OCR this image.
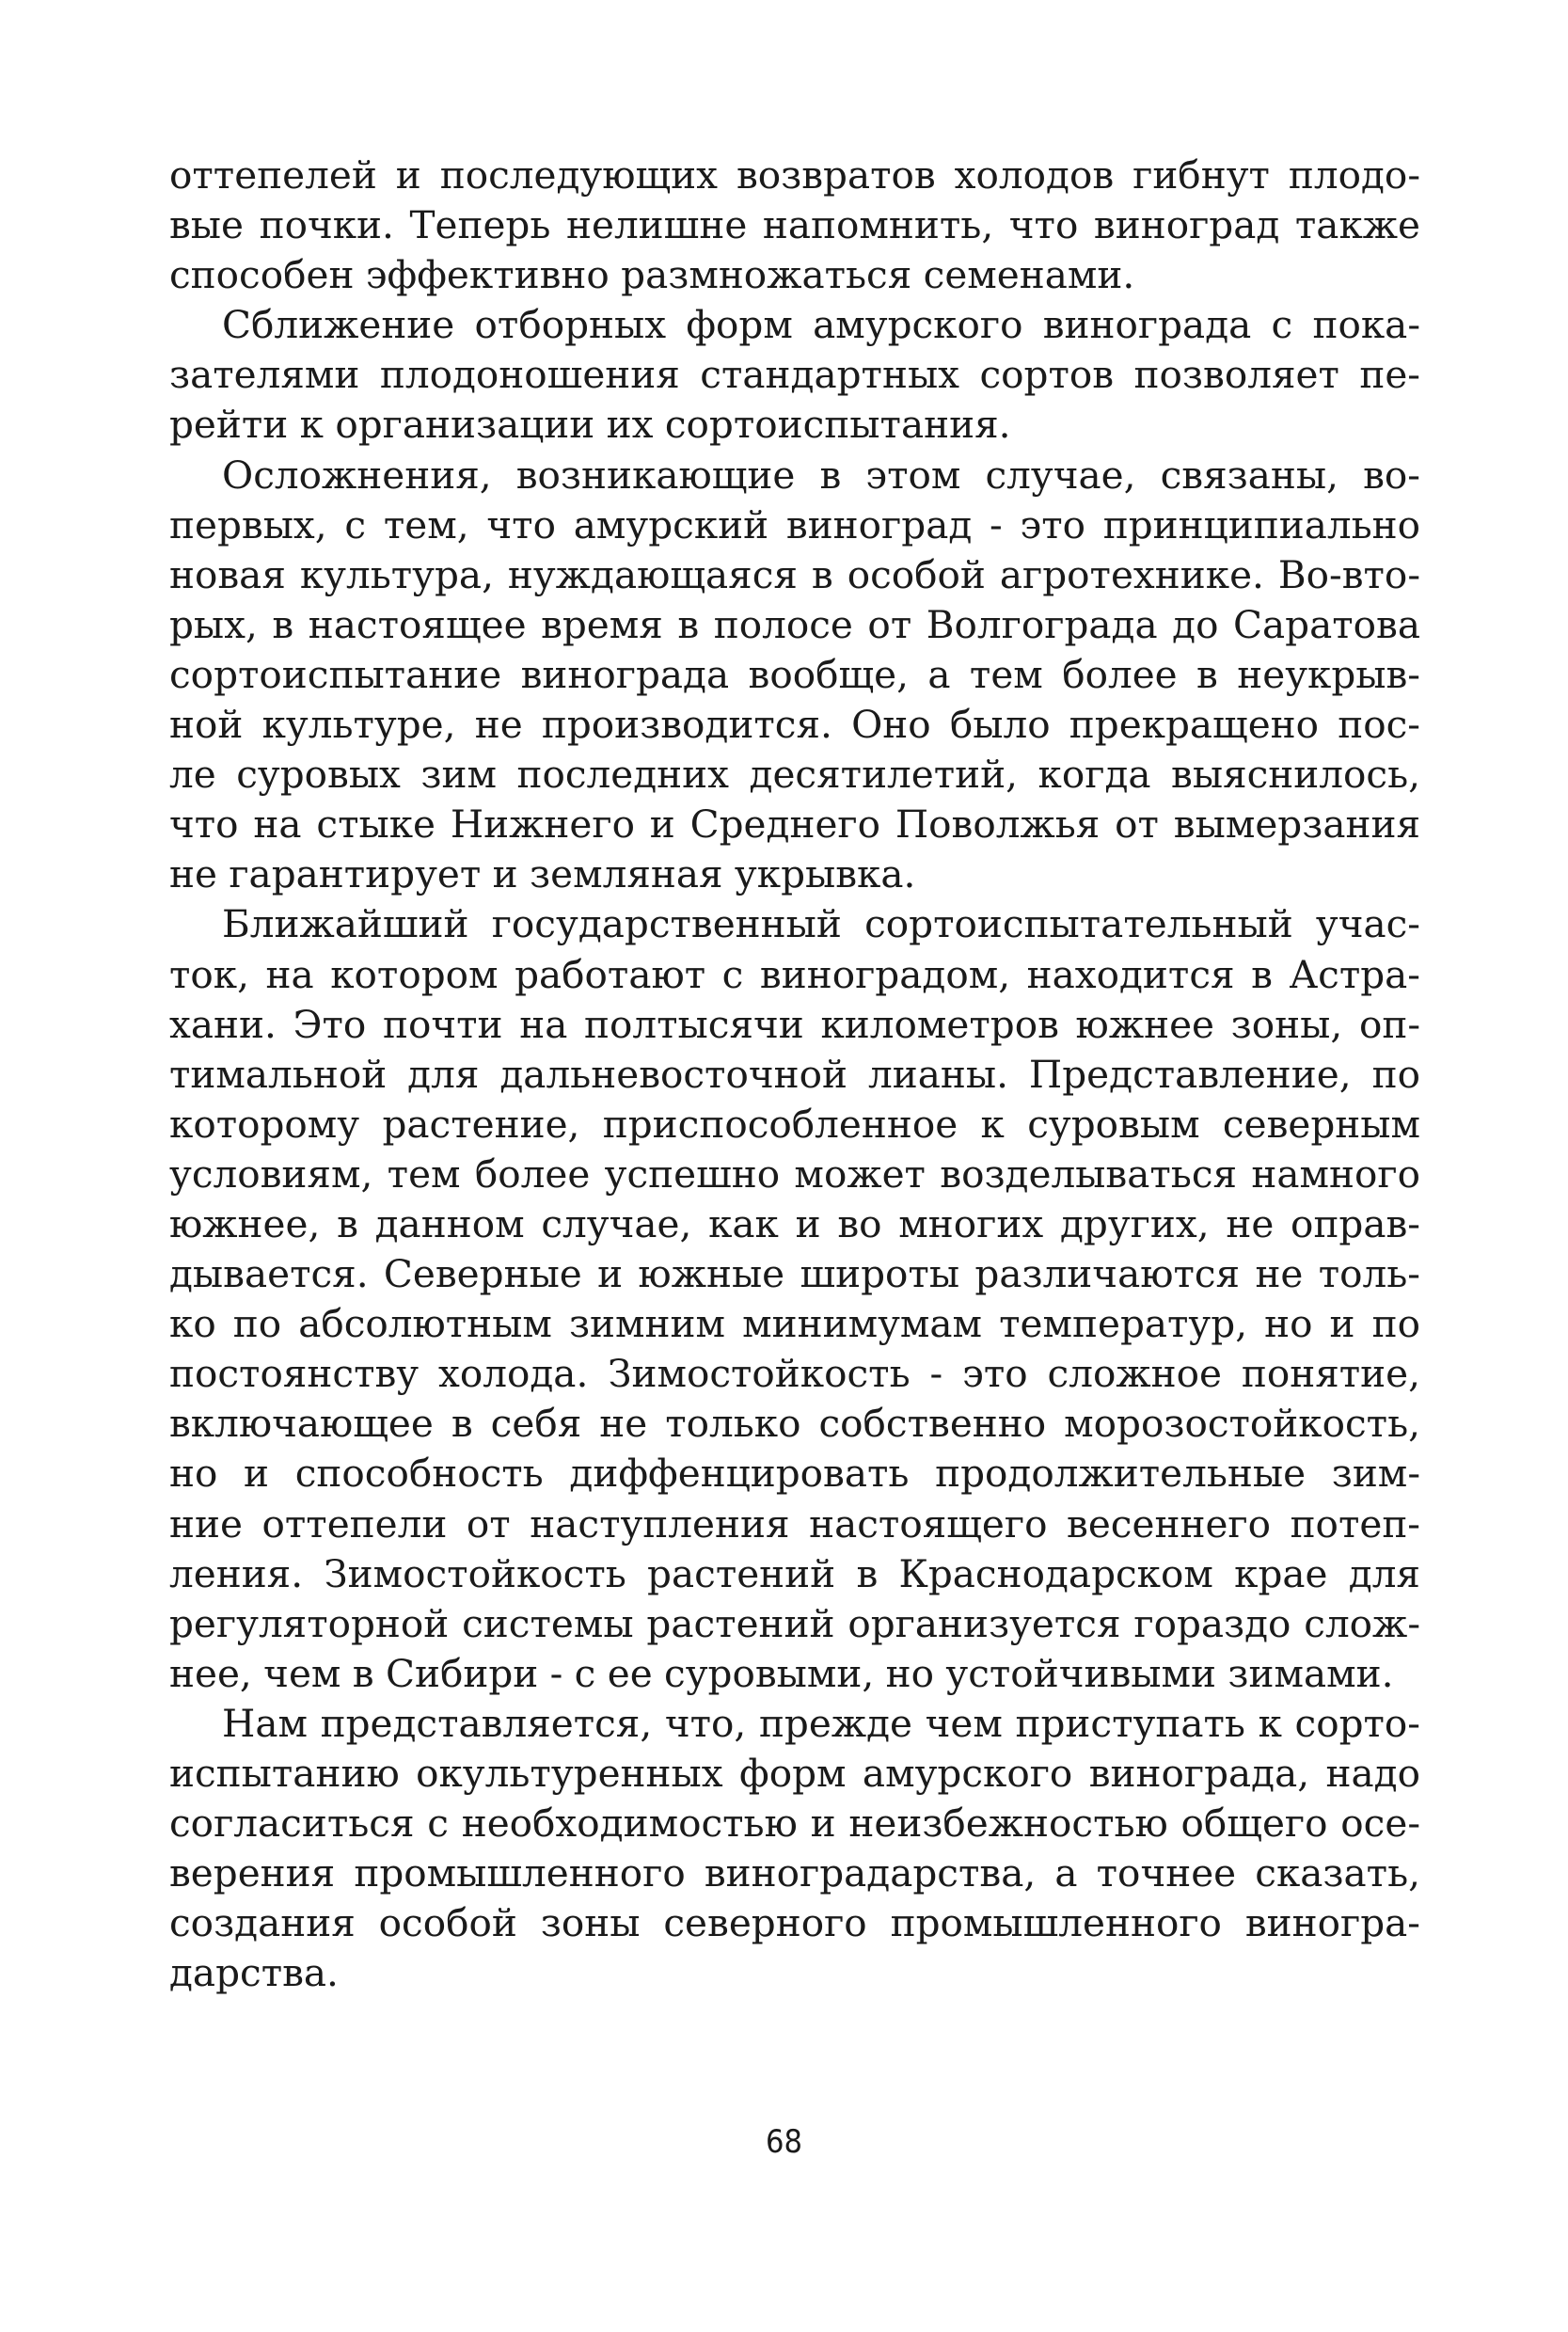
оттепелей и последующих возвратов холодов гибнут плодо-
вые почки. Теперь нелишне напомнить, что виноград также
способен эффективно размножаться семенами.
Сближение отборных форм амурского винограда с пока-
зателями плодоношения стандартных сортов позволяет пе-
рейти к организации их сортоиспытания.
Осложнения, возникающие в этом случае, связаны, во-
первых, с тем, что амурский виноград - это принципиально
новая культура, нуждающаяся в особой агротехнике. Во-вто-
рых, в настоящее время в полосе от Волгограда до Саратова
сортоиспытание винограда вообще, а тем более в неукрыв-
ной культуре, не производится. Оно было прекращено пос-
ле суровых зим последних десятилетий, когда выяснилось,
что на стыке Нижнего и Среднего Поволжья от вымерзания
не гарантирует и земляная укрывка.
Ближайший государственный сортоиспытательный учас-
ток, на котором работают с виноградом, находится в Астра-
хани. Это почти на полтысячи километров южнее зоны, оп-
тимальной для дальневосточной лианы. Представление, по
которому растение, приспособленное к суровым северным
условиям, тем более успешно может возделываться намного
южнее, в данном случае, как и во многих других, не оправ-
дывается. Северные и южные широты различаются не толь-
ко по абсолютным зимним минимумам температур, но и по
постоянству холода. Зимостойкость - это сложное понятие,
включающее в себя не только собственно морозостойкость,
но и способность диффенцировать продолжительные зим-
ние оттепели от наступления настоящего весеннего потеп-
ления. Зимостойкость растений в Краснодарском крае для
регуляторной системы растений организуется гораздо слож-
нее, чем в Сибири - с ее суровыми, но устойчивыми зимами.
Нам представляется, что, прежде чем приступать к сорто-
испытанию окультуренных форм амурского винограда, надо
согласиться с необходимостью и неизбежностью общего осе-
верения промышленного виноградарства, а точнее сказать,
создания особой зоны северного промышленного виногра-
дарства.
68
